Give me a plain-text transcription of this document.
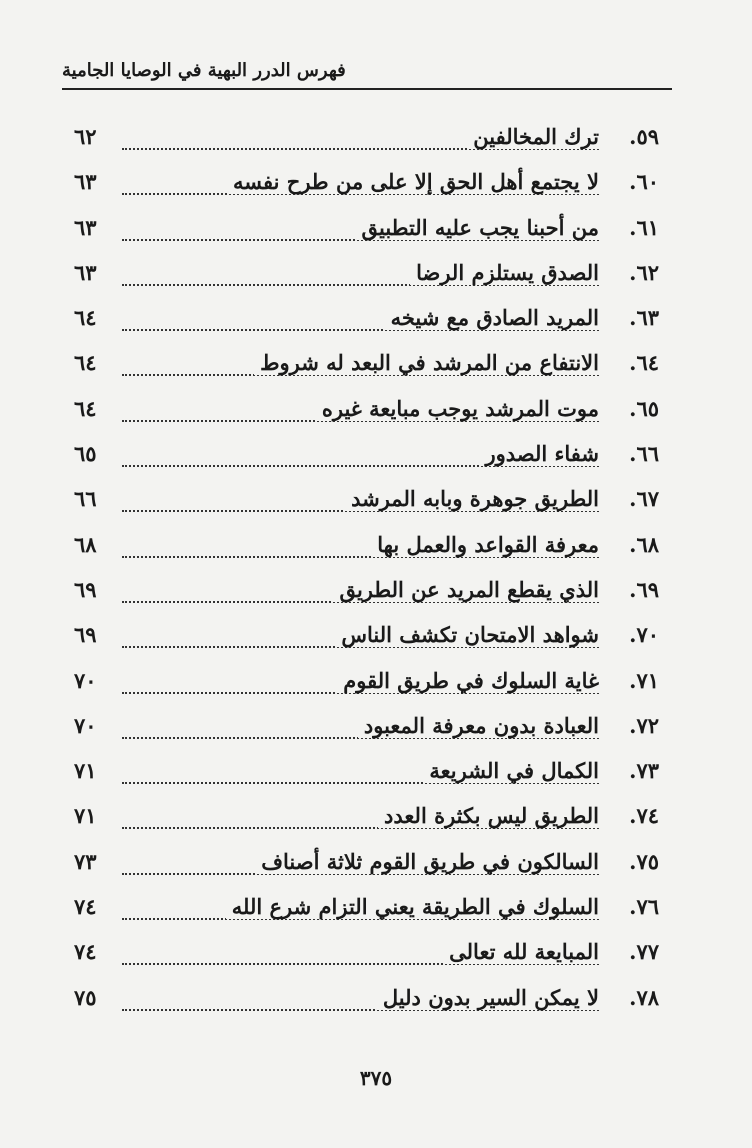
فهرس الدرر البهية في الوصايا الجامية
٥٩.
ترك المخالفين
٦٢
٦٠.
لا يجتمع أهل الحق إلا على من طرح نفسه
٦٣
٦١.
من أحبنا يجب عليه التطبيق
٦٣
٦٢.
الصدق يستلزم الرضا
٦٣
٦٣.
المريد الصادق مع شيخه
٦٤
٦٤.
الانتفاع من المرشد في البعد له شروط
٦٤
٦٥.
موت المرشد يوجب مبايعة غيره
٦٤
٦٦.
شفاء الصدور
٦٥
٦٧.
الطريق جوهرة وبابه المرشد
٦٦
٦٨.
معرفة القواعد والعمل بها
٦٨
٦٩.
الذي يقطع المريد عن الطريق
٦٩
٧٠.
شواهد الامتحان تكشف الناس
٦٩
٧١.
غاية السلوك في طريق القوم
٧٠
٧٢.
العبادة بدون معرفة المعبود
٧٠
٧٣.
الكمال في الشريعة
٧١
٧٤.
الطريق ليس بكثرة العدد
٧١
٧٥.
السالكون في طريق القوم ثلاثة أصناف
٧٣
٧٦.
السلوك في الطريقة يعني التزام شرع الله
٧٤
٧٧.
المبايعة لله تعالى
٧٤
٧٨.
لا يمكن السير بدون دليل
٧٥
٣٧٥
